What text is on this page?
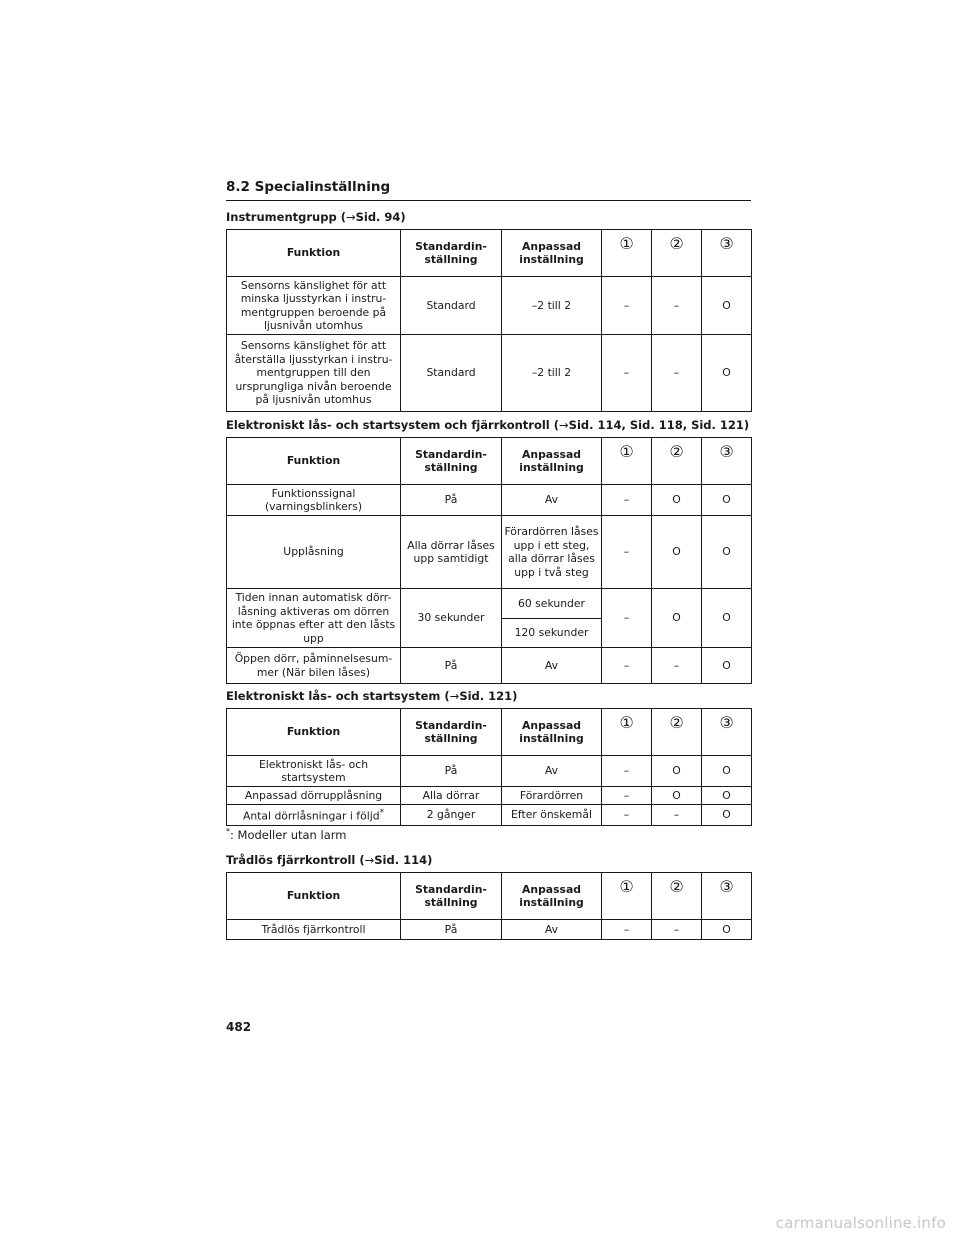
8.2 Specialinställning
Instrumentgrupp (→Sid. 94)
Funktion	Standardin-ställning	Anpassad inställning	①	②	③
Sensorns känslighet för att minska ljusstyrkan i instru-mentgruppen beroende på ljusnivån utomhus	Standard	–2 till 2	–	–	O
Sensorns känslighet för att återställa ljusstyrkan i instru-mentgruppen till den ursprungliga nivån beroende på ljusnivån utomhus	Standard	–2 till 2	–	–	O
Elektroniskt lås- och startsystem och fjärrkontroll (→Sid. 114, Sid. 118, Sid. 121)
Funktion	Standardin-ställning	Anpassad inställning	①	②	③
Funktionssignal (varningsblinkers)	På	Av	–	O	O
Upplåsning	Alla dörrar låses upp samtidigt	Förardörren låses upp i ett steg, alla dörrar låses upp i två steg	–	O	O
Tiden innan automatisk dörr-låsning aktiveras om dörren inte öppnas efter att den låsts upp	30 sekunder	60 sekunder	–	O	O
		120 sekunder			
Öppen dörr, påminnelsesum-mer (När bilen låses)	På	Av	–	–	O
Elektroniskt lås- och startsystem (→Sid. 121)
Funktion	Standardin-ställning	Anpassad inställning	①	②	③
Elektroniskt lås- och startsystem	På	Av	–	O	O
Anpassad dörrupplåsning	Alla dörrar	Förardörren	–	O	O
Antal dörrlåsningar i följd*	2 gånger	Efter önskemål	–	–	O
*: Modeller utan larm
Trådlös fjärrkontroll (→Sid. 114)
Funktion	Standardin-ställning	Anpassad inställning	①	②	③
Trådlös fjärrkontroll	På	Av	–	–	O
482
carmanualsonline.info
